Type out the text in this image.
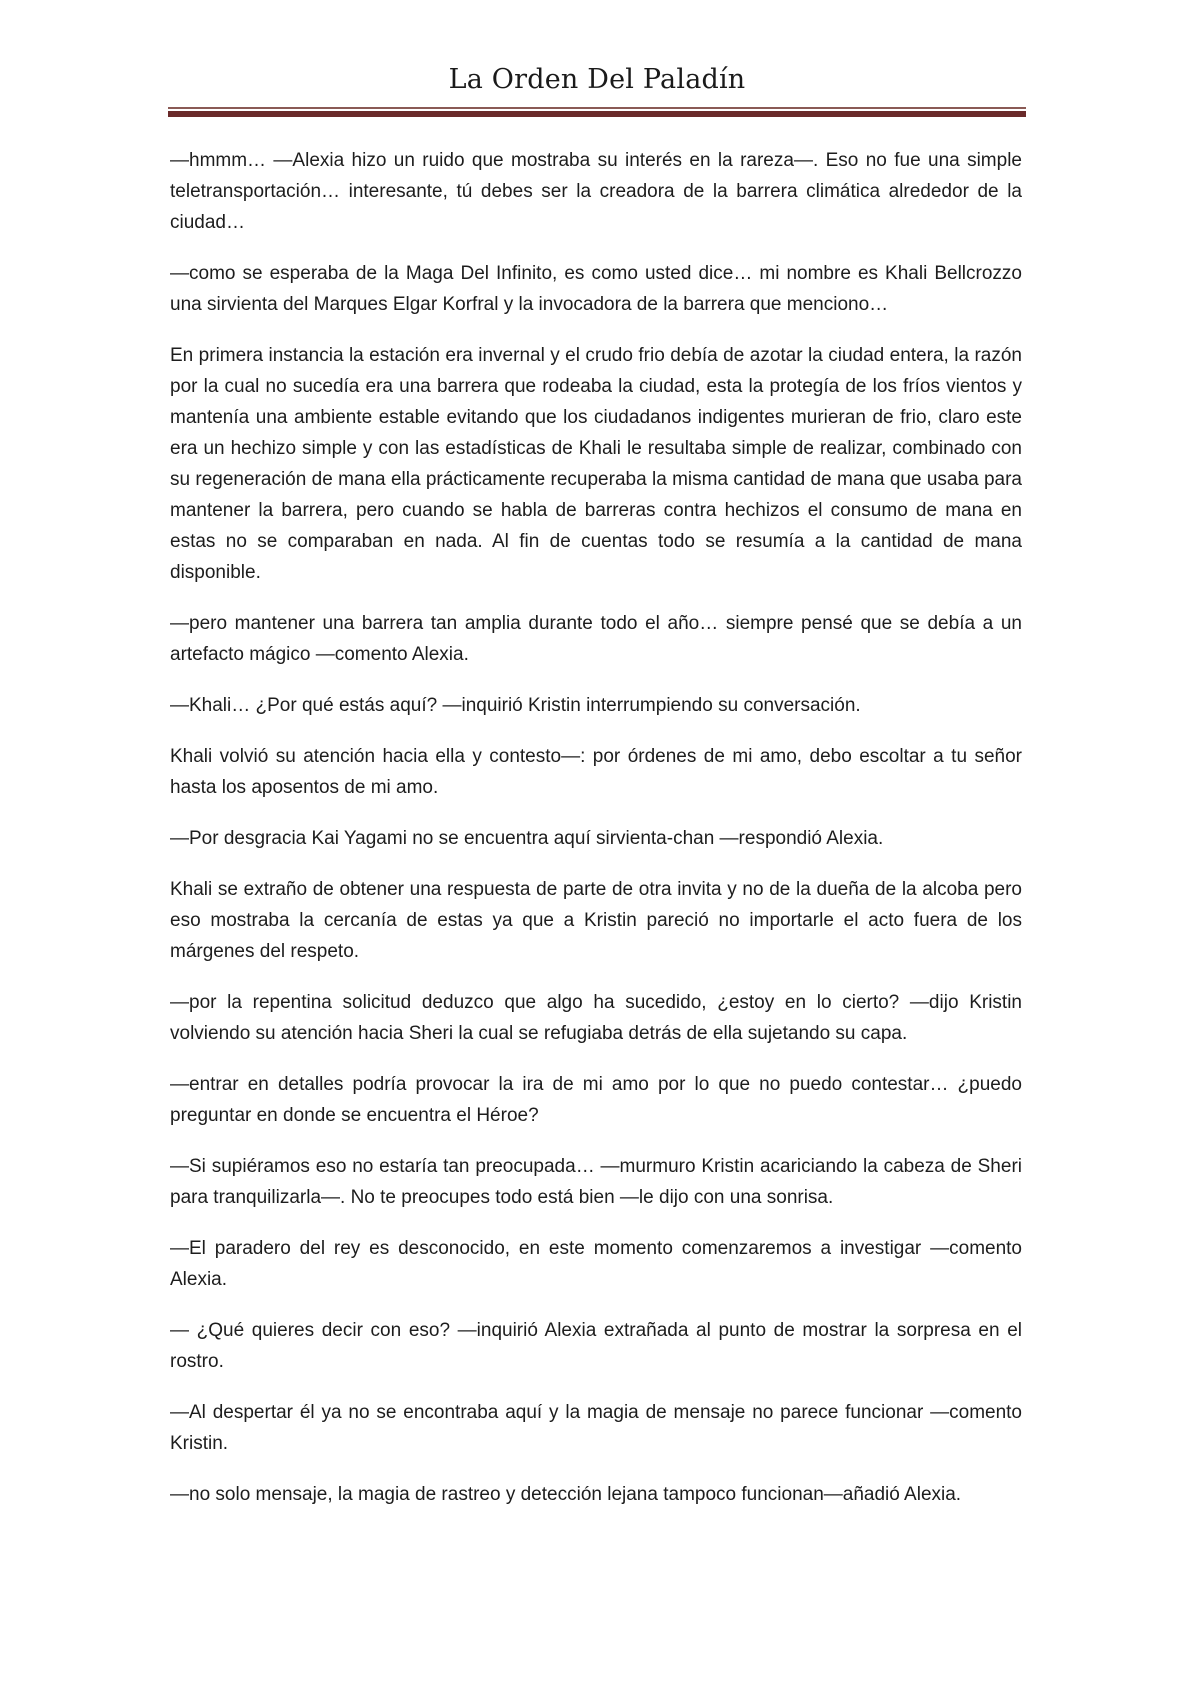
La Orden Del Paladín

—hmmm… —Alexia hizo un ruido que mostraba su interés en la rareza—. Eso no fue una simple teletransportación… interesante, tú debes ser la creadora de la barrera climática alrededor de la ciudad…

—como se esperaba de la Maga Del Infinito, es como usted dice… mi nombre es Khali Bellcrozzo una sirvienta del Marques Elgar Korfral y la invocadora de la barrera que menciono…

En primera instancia la estación era invernal y el crudo frio debía de azotar la ciudad entera, la razón por la cual no sucedía era una barrera que rodeaba la ciudad, esta la protegía de los fríos vientos y mantenía una ambiente estable evitando que los ciudadanos indigentes murieran de frio, claro este era un hechizo simple y con las estadísticas de Khali le resultaba simple de realizar, combinado con su regeneración de mana ella prácticamente recuperaba la misma cantidad de mana que usaba para mantener la barrera, pero cuando se habla de barreras contra hechizos el consumo de mana en estas no se comparaban en nada. Al fin de cuentas todo se resumía a la cantidad de mana disponible.

—pero mantener una barrera tan amplia durante todo el año… siempre pensé que se debía a un artefacto mágico —comento Alexia.

—Khali… ¿Por qué estás aquí? —inquirió Kristin interrumpiendo su conversación.

Khali volvió su atención hacia ella y contesto—: por órdenes de mi amo, debo escoltar a tu señor hasta los aposentos de mi amo.

—Por desgracia Kai Yagami no se encuentra aquí sirvienta-chan —respondió Alexia.

Khali se extraño de obtener una respuesta de parte de otra invita y no de la dueña de la alcoba pero eso mostraba la cercanía de estas ya que a Kristin pareció no importarle el acto fuera de los márgenes del respeto.

—por la repentina solicitud deduzco que algo ha sucedido, ¿estoy en lo cierto? —dijo Kristin volviendo su atención hacia Sheri la cual se refugiaba detrás de ella sujetando su capa.

—entrar en detalles podría provocar la ira de mi amo por lo que no puedo contestar… ¿puedo preguntar en donde se encuentra el Héroe?

—Si supiéramos eso no estaría tan preocupada… —murmuro Kristin acariciando la cabeza de Sheri para tranquilizarla—. No te preocupes todo está bien —le dijo con una sonrisa.

—El paradero del rey es desconocido, en este momento comenzaremos a investigar —comento Alexia.

— ¿Qué quieres decir con eso? —inquirió Alexia extrañada al punto de mostrar la sorpresa en el rostro.

—Al despertar él ya no se encontraba aquí y la magia de mensaje no parece funcionar —comento Kristin.

—no solo mensaje, la magia de rastreo y detección lejana tampoco funcionan—añadió Alexia.
